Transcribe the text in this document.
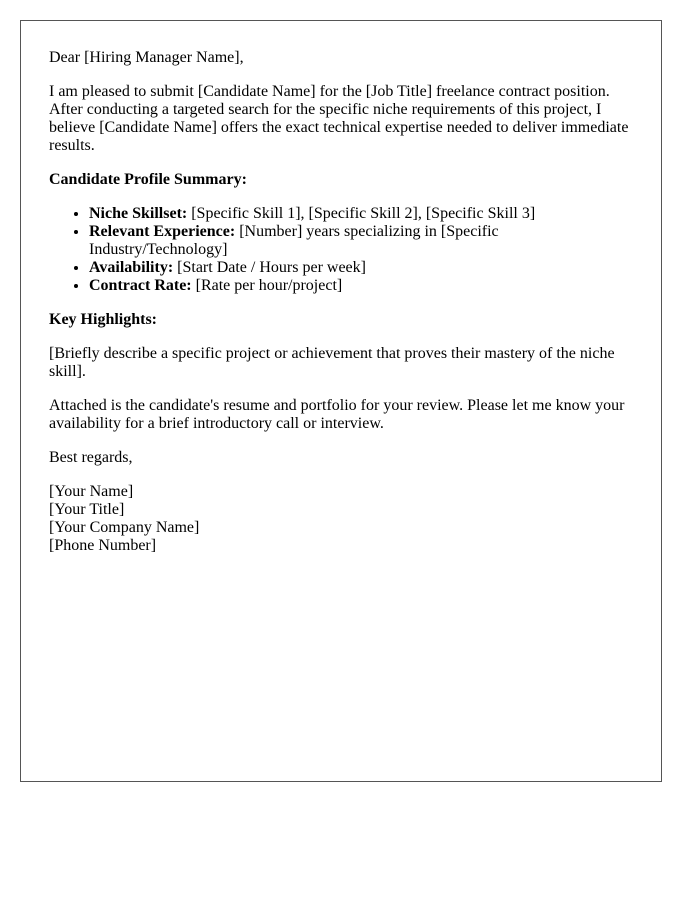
Dear [Hiring Manager Name],

I am pleased to submit [Candidate Name] for the [Job Title] freelance contract position. After conducting a targeted search for the specific niche requirements of this project, I believe [Candidate Name] offers the exact technical expertise needed to deliver immediate results.

Candidate Profile Summary:

• Niche Skillset: [Specific Skill 1], [Specific Skill 2], [Specific Skill 3]
• Relevant Experience: [Number] years specializing in [Specific Industry/Technology]
• Availability: [Start Date / Hours per week]
• Contract Rate: [Rate per hour/project]

Key Highlights:

[Briefly describe a specific project or achievement that proves their mastery of the niche skill].

Attached is the candidate's resume and portfolio for your review. Please let me know your availability for a brief introductory call or interview.

Best regards,

[Your Name]
[Your Title]
[Your Company Name]
[Phone Number]
